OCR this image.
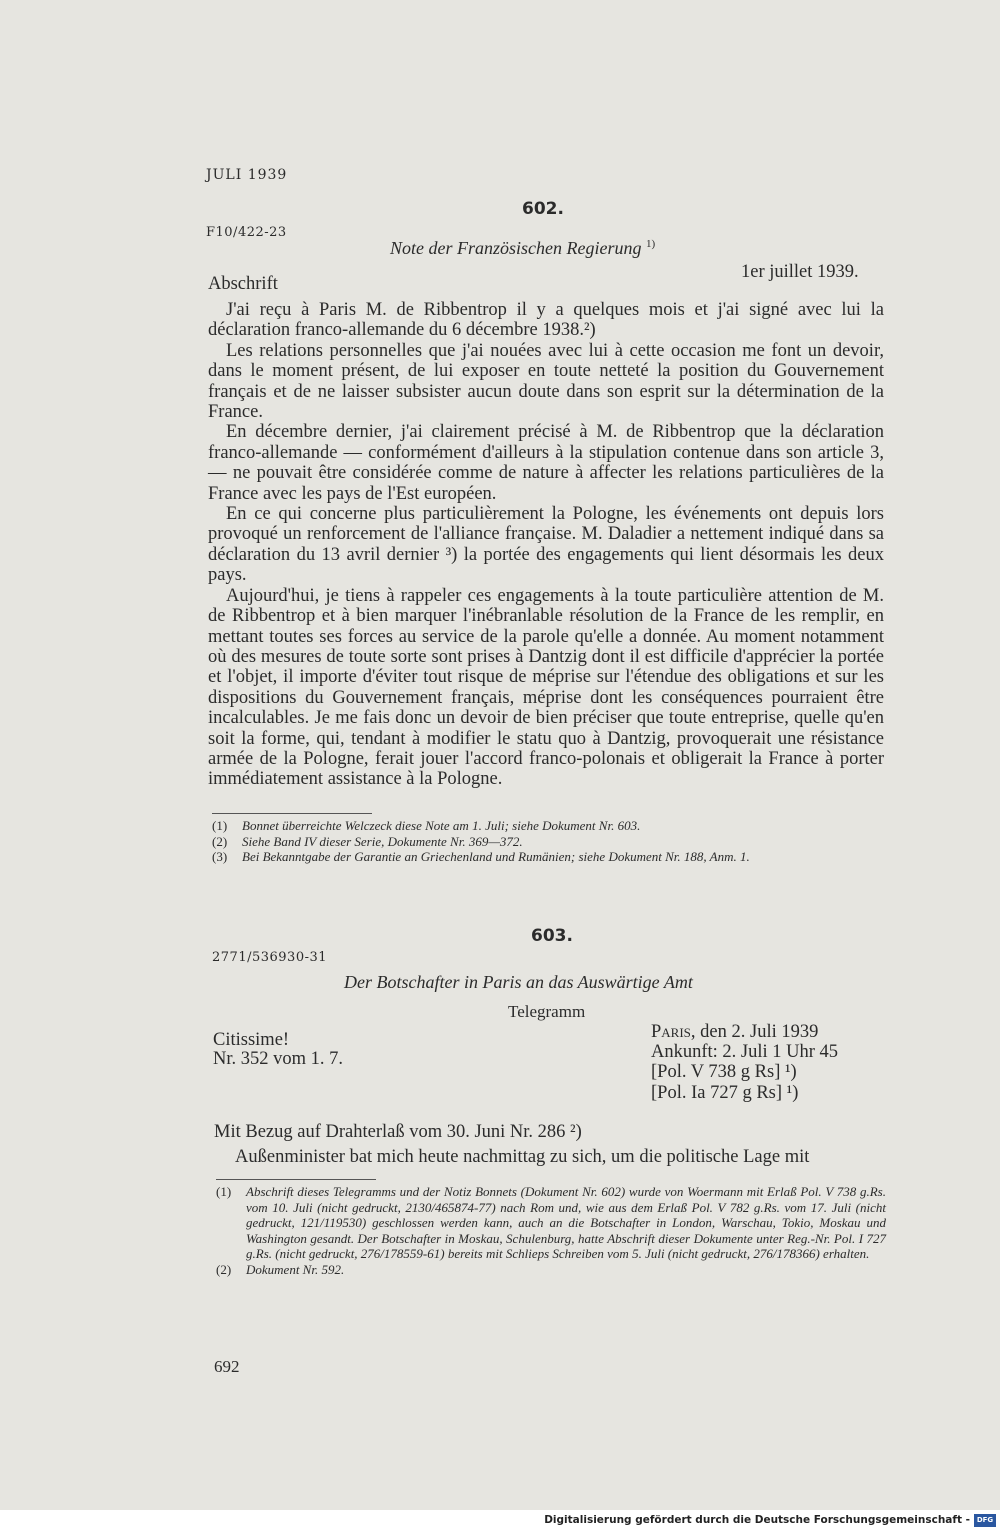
JULI 1939
602.
F10/422-23
Note der Französischen Regierung $^{1)}$
Abschrift
1er juillet 1939.

J'ai reçu à Paris M. de Ribbentrop il y a quelques mois et j'ai signé avec lui la déclaration franco-allemande du 6 décembre 1938.²)

Les relations personnelles que j'ai nouées avec lui à cette occasion me font un devoir, dans le moment présent, de lui exposer en toute netteté la position du Gouvernement français et de ne laisser subsister aucun doute dans son esprit sur la détermination de la France.

En décembre dernier, j'ai clairement précisé à M. de Ribbentrop que la déclaration franco-allemande — conformément d'ailleurs à la stipulation contenue dans son article 3, — ne pouvait être considérée comme de nature à affecter les relations particulières de la France avec les pays de l'Est européen.

En ce qui concerne plus particulièrement la Pologne, les événements ont depuis lors provoqué un renforcement de l'alliance française. M. Daladier a nettement indiqué dans sa déclaration du 13 avril dernier ³) la portée des engagements qui lient désormais les deux pays.

Aujourd'hui, je tiens à rappeler ces engagements à la toute particulière attention de M. de Ribbentrop et à bien marquer l'inébranlable résolution de la France de les remplir, en mettant toutes ses forces au service de la parole qu'elle a donnée. Au moment notamment où des mesures de toute sorte sont prises à Dantzig dont il est difficile d'apprécier la portée et l'objet, il importe d'éviter tout risque de méprise sur l'étendue des obligations et sur les dispositions du Gouvernement français, méprise dont les conséquences pourraient être incalculables. Je me fais donc un devoir de bien préciser que toute entreprise, quelle qu'en soit la forme, qui, tendant à modifier le statu quo à Dantzig, provoquerait une résistance armée de la Pologne, ferait jouer l'accord franco-polonais et obligerait la France à porter immédiatement assistance à la Pologne.

(1)	Bonnet überreichte Welczeck diese Note am 1. Juli; siehe Dokument Nr. 603.
(2)	Siehe Band IV dieser Serie, Dokumente Nr. 369—372.
(3)	Bei Bekanntgabe der Garantie an Griechenland und Rumänien; siehe Dokument Nr. 188, Anm. 1.
603.
2771/536930-31
Der Botschafter in Paris an das Auswärtige Amt
Telegramm
Citissime!
Nr. 352 vom 1. 7.
Paris, den 2. Juli 1939
Ankunft: 2. Juli 1 Uhr 45
[Pol. V 738 g Rs] ¹)
[Pol. Ia 727 g Rs] ¹)
Mit Bezug auf Drahterlaß vom 30. Juni Nr. 286 ²)
Außenminister bat mich heute nachmittag zu sich, um die politische Lage mit
(1)	Abschrift dieses Telegramms und der Notiz Bonnets (Dokument Nr. 602) wurde von Woermann mit Erlaß Pol. V 738 g.Rs. vom 10. Juli (nicht gedruckt, 2130/465874-77) nach Rom und, wie aus dem Erlaß Pol. V 782 g.Rs. vom 17. Juli (nicht gedruckt, 121/119530) geschlossen werden kann, auch an die Botschafter in London, Warschau, Tokio, Moskau und Washington gesandt. Der Botschafter in Moskau, Schulenburg, hatte Abschrift dieser Dokumente unter Reg.-Nr. Pol. I 727 g.Rs. (nicht gedruckt, 276/178559-61) bereits mit Schlieps Schreiben vom 5. Juli (nicht gedruckt, 276/178366) erhalten.
(2)	Dokument Nr. 592.
692
Digitalisierung gefördert durch die Deutsche Forschungsgemeinschaft - DFG
